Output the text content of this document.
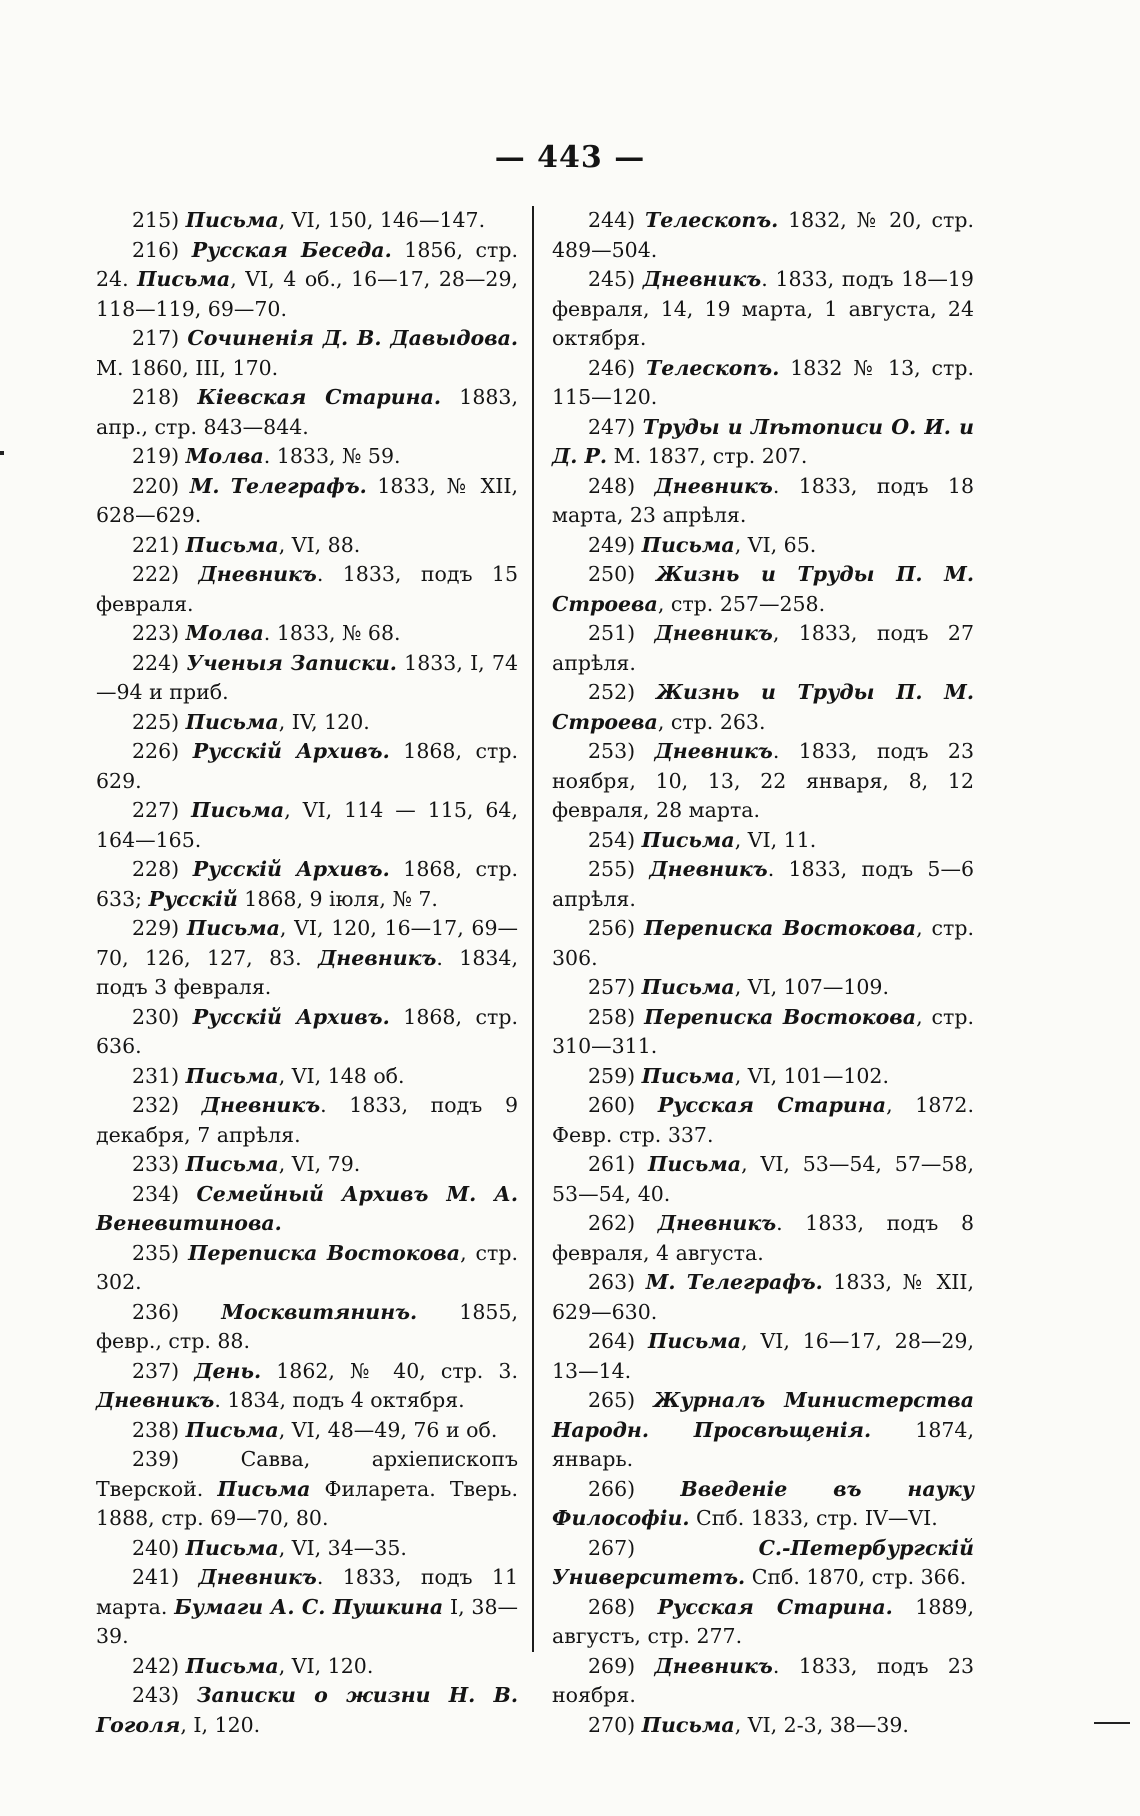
— 443 —

215) Письма, VI, 150, 146—147.

216) Русская Беседа. 1856, стр. 24. Письма, VI, 4 об., 16—17, 28—29, 118—119, 69—70.

217) Сочиненія Д. В. Давыдова. М. 1860, III, 170.

218) Кіевская Старина. 1883, апр., стр. 843—844.

219) Молва. 1833, № 59.

220) М. Телеграфъ. 1833, № XII, 628—629.

221) Письма, VI, 88.

222) Дневникъ. 1833, подъ 15 февраля.

223) Молва. 1833, № 68.

224) Ученыя Записки. 1833, I, 74—94 и приб.

225) Письма, IV, 120.

226) Русскій Архивъ. 1868, стр. 629.

227) Письма, VI, 114 — 115, 64, 164—165.

228) Русскій Архивъ. 1868, стр. 633; Русскій 1868, 9 іюля, № 7.

229) Письма, VI, 120, 16—17, 69—70, 126, 127, 83. Дневникъ. 1834, подъ 3 февраля.

230) Русскій Архивъ. 1868, стр. 636.

231) Письма, VI, 148 об.

232) Дневникъ. 1833, подъ 9 декабря, 7 апрѣля.

233) Письма, VI, 79.

234) Семейный Архивъ М. А. Веневитинова.

235) Переписка Востокова, стр. 302.

236) Москвитянинъ. 1855, февр., стр. 88.

237) День. 1862, № 40, стр. 3. Дневникъ. 1834, подъ 4 октября.

238) Письма, VI, 48—49, 76 и об.

239) Савва, архіепископъ Тверской. Письма Филарета. Тверь. 1888, стр. 69—70, 80.

240) Письма, VI, 34—35.

241) Дневникъ. 1833, подъ 11 марта. Бумаги А. С. Пушкина I, 38—39.

242) Письма, VI, 120.

243) Записки о жизни Н. В. Гоголя, I, 120.

244) Телескопъ. 1832, № 20, стр. 489—504.

245) Дневникъ. 1833, подъ 18—19 февраля, 14, 19 марта, 1 августа, 24 октября.

246) Телескопъ. 1832 № 13, стр. 115—120.

247) Труды и Лѣтописи О. И. и Д. Р. М. 1837, стр. 207.

248) Дневникъ. 1833, подъ 18 марта, 23 апрѣля.

249) Письма, VI, 65.

250) Жизнь и Труды П. М. Строева, стр. 257—258.

251) Дневникъ, 1833, подъ 27 апрѣля.

252) Жизнь и Труды П. М. Строева, стр. 263.

253) Дневникъ. 1833, подъ 23 ноября, 10, 13, 22 января, 8, 12 февраля, 28 марта.

254) Письма, VI, 11.

255) Дневникъ. 1833, подъ 5—6 апрѣля.

256) Переписка Востокова, стр. 306.

257) Письма, VI, 107—109.

258) Переписка Востокова, стр. 310—311.

259) Письма, VI, 101—102.

260) Русская Старина, 1872. Февр. стр. 337.

261) Письма, VI, 53—54, 57—58, 53—54, 40.

262) Дневникъ. 1833, подъ 8 февраля, 4 августа.

263) М. Телеграфъ. 1833, № XII, 629—630.

264) Письма, VI, 16—17, 28—29, 13—14.

265) Журналъ Министерства Народн. Просвѣщенія. 1874, январь.

266) Введеніе въ науку Философіи. Спб. 1833, стр. IV—VI.

267) С.-Петербургскій Университетъ. Спб. 1870, стр. 366.

268) Русская Старина. 1889, августъ, стр. 277.

269) Дневникъ. 1833, подъ 23 ноября.

270) Письма, VI, 2-3, 38—39.
